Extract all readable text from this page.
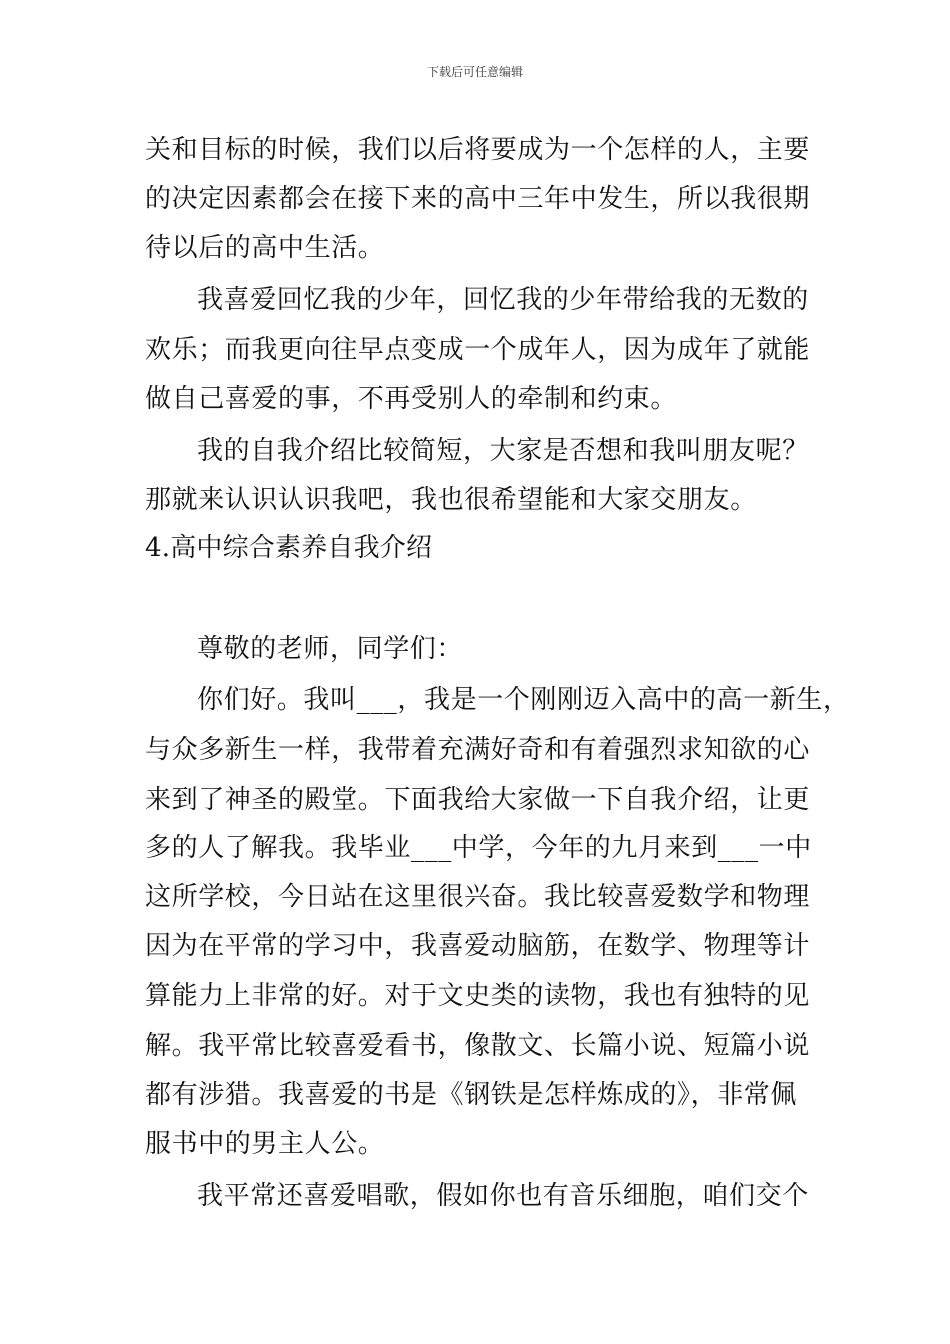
下载后可任意编辑
关和目标的时候，我们以后将要成为一个怎样的人，主要
的决定因素都会在接下来的高中三年中发生，所以我很期
待以后的高中生活。
我喜爱回忆我的少年，回忆我的少年带给我的无数的
欢乐；而我更向往早点变成一个成年人，因为成年了就能
做自己喜爱的事，不再受别人的牵制和约束。
我的自我介绍比较简短，大家是否想和我叫朋友呢？
那就来认识认识我吧，我也很希望能和大家交朋友。
4.高中综合素养自我介绍
尊敬的老师，同学们：
你们好。我叫___，我是一个刚刚迈入高中的高一新生，
与众多新生一样，我带着充满好奇和有着强烈求知欲的心
来到了神圣的殿堂。下面我给大家做一下自我介绍，让更
多的人了解我。我毕业___中学，今年的九月来到___一中
这所学校，今日站在这里很兴奋。我比较喜爱数学和物理
因为在平常的学习中，我喜爱动脑筋，在数学、物理等计
算能力上非常的好。对于文史类的读物，我也有独特的见
解。我平常比较喜爱看书，像散文、长篇小说、短篇小说
都有涉猎。我喜爱的书是《钢铁是怎样炼成的》，非常佩
服书中的男主人公。
我平常还喜爱唱歌，假如你也有音乐细胞，咱们交个
